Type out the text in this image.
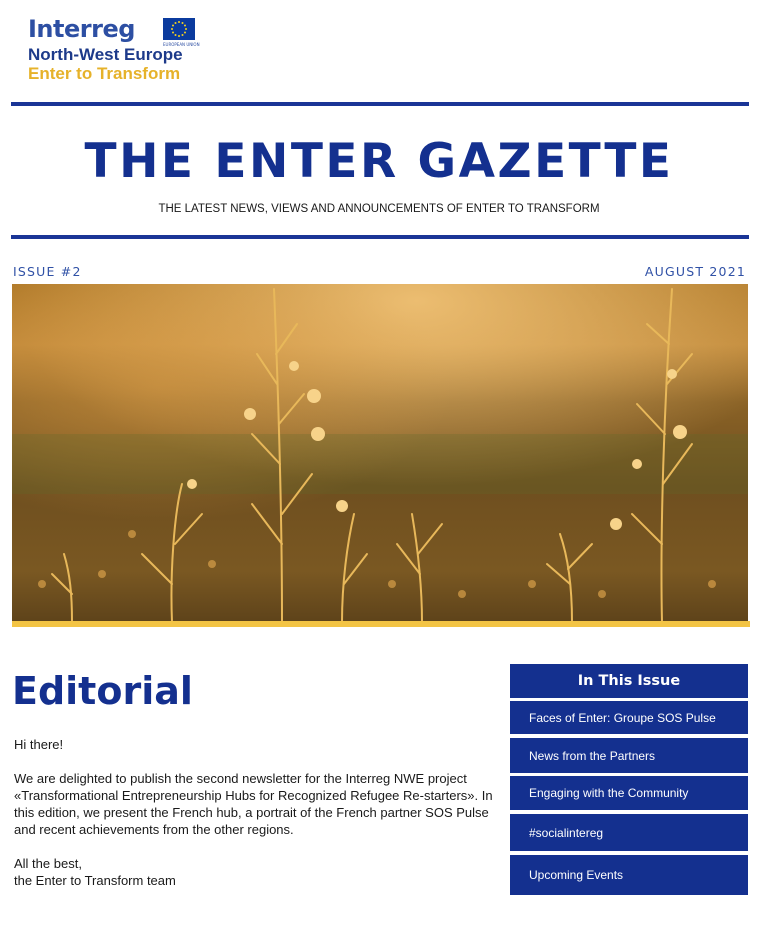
Interreg
EUROPEAN UNION
North-West Europe
Enter to Transform
THE ENTER GAZETTE
THE LATEST NEWS, VIEWS AND ANNOUNCEMENTS OF ENTER TO TRANSFORM
ISSUE #2	AUGUST 2021
Editorial

Hi there!

We are delighted to publish the second newsletter for the Interreg NWE project
«Transformational Entrepreneurship Hubs for Recognized Refugee Re-starters». In
this edition, we present the French hub, a portrait of the French partner SOS Pulse
and recent achievements from the other regions.

All the best,
the Enter to Transform team

In This Issue
Faces of Enter: Groupe SOS Pulse
News from the Partners
Engaging with the Community
#socialintereg
Upcoming Events
